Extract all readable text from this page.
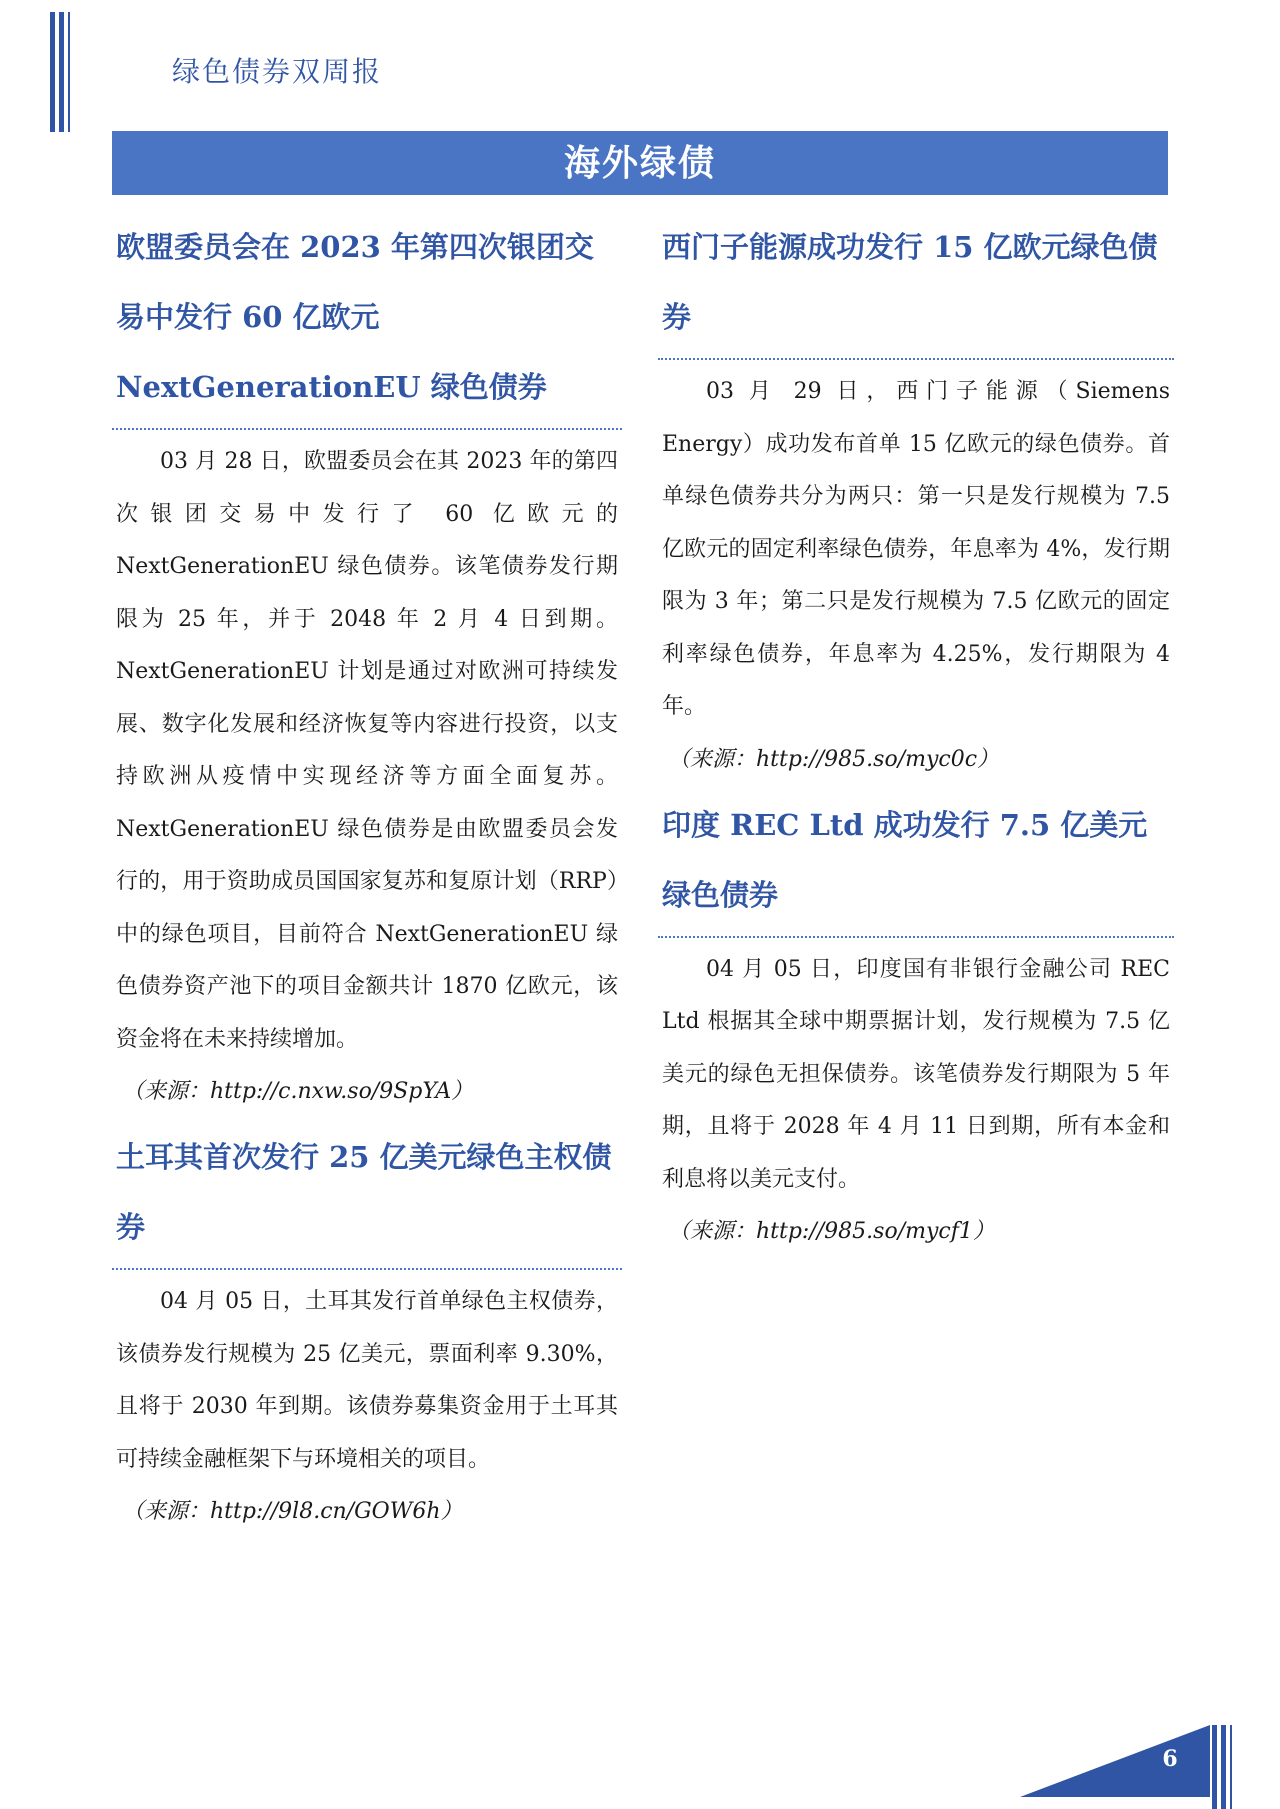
绿色债券双周报
海外绿债
欧盟委员会在 2023 年第四次银团交易中发行 60 亿欧元 NextGenerationEU 绿色债券

03 月 28 日，欧盟委员会在其 2023 年的第四次银团交易中发行了 60 亿欧元的 NextGenerationEU 绿色债券。该笔债券发行期限为 25 年，并于 2048 年 2 月 4 日到期。NextGenerationEU 计划是通过对欧洲可持续发展、数字化发展和经济恢复等内容进行投资，以支持欧洲从疫情中实现经济等方面全面复苏。NextGenerationEU 绿色债券是由欧盟委员会发行的，用于资助成员国国家复苏和复原计划（RRP）中的绿色项目，目前符合 NextGenerationEU 绿色债券资产池下的项目金额共计 1870 亿欧元，该资金将在未来持续增加。

（来源：http://c.nxw.so/9SpYA）

土耳其首次发行 25 亿美元绿色主权债券

04 月 05 日，土耳其发行首单绿色主权债券，该债券发行规模为 25 亿美元，票面利率 9.30%，且将于 2030 年到期。该债券募集资金用于土耳其可持续金融框架下与环境相关的项目。

（来源：http://9l8.cn/GOW6h）

西门子能源成功发行 15 亿欧元绿色债券

03 月 29 日，西门子能源（Siemens Energy）成功发布首单 15 亿欧元的绿色债券。首单绿色债券共分为两只：第一只是发行规模为 7.5 亿欧元的固定利率绿色债券，年息率为 4%，发行期限为 3 年；第二只是发行规模为 7.5 亿欧元的固定利率绿色债券，年息率为 4.25%，发行期限为 4 年。

（来源：http://985.so/myc0c）

印度 REC Ltd 成功发行 7.5 亿美元绿色债券

04 月 05 日，印度国有非银行金融公司 REC Ltd 根据其全球中期票据计划，发行规模为 7.5 亿美元的绿色无担保债券。该笔债券发行期限为 5 年期，且将于 2028 年 4 月 11 日到期，所有本金和利息将以美元支付。

（来源：http://985.so/mycf1）

6
